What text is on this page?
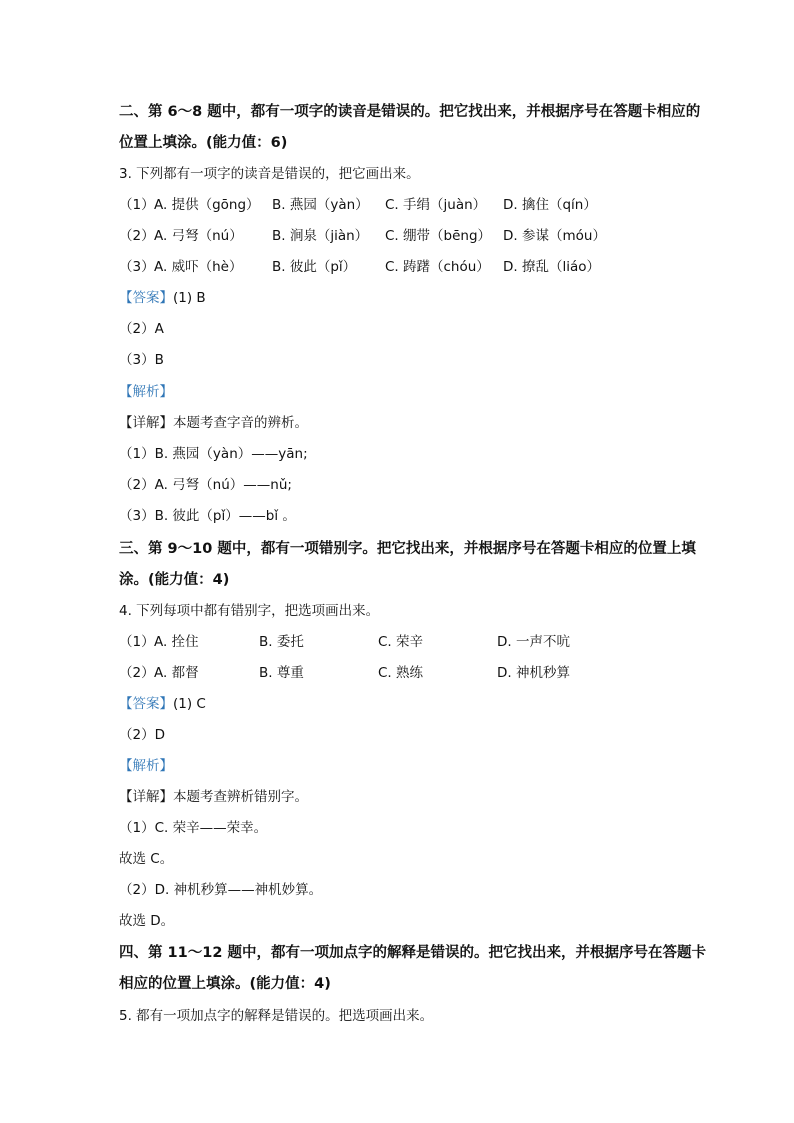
二、第 6～8 题中，都有一项字的读音是错误的。把它找出来，并根据序号在答题卡相应的
位置上填涂。(能力值：6)
3. 下列都有一项字的读音是错误的，把它画出来。
（1） A. 提供（gōng） B. 燕园（yàn） C. 手绢（juàn） D. 擒住（qín）
（2） A. 弓弩（nú） B. 涧泉（jiàn） C. 绷带（bēng） D. 参谋（móu）
（3） A. 威吓（hè） B. 彼此（pǐ） C. 踌躇（chóu） D. 撩乱（liáo）
【答案】(1) B
（2）A
（3）B
【解析】
【详解】本题考查字音的辨析。
（1）B. 燕园（yàn）——yān;
（2）A. 弓弩（nú）——nǔ;
（3）B. 彼此（pǐ）——bǐ 。
三、第 9～10 题中，都有一项错别字。把它找出来，并根据序号在答题卡相应的位置上填
涂。(能力值：4)
4. 下列每项中都有错别字，把选项画出来。
（1） A. 拴住	B. 委托	C. 荣辛	D. 一声不吭
（2） A. 都督	B. 尊重	C. 熟练	D. 神机秒算
【答案】(1) C
（2）D
【解析】
【详解】本题考查辨析错别字。
（1）C. 荣辛——荣幸。
故选 C。
（2）D. 神机秒算——神机妙算。
故选 D。
四、第 11～12 题中，都有一项加点字的解释是错误的。把它找出来，并根据序号在答题卡
相应的位置上填涂。(能力值：4)
5. 都有一项加点字的解释是错误的。把选项画出来。
